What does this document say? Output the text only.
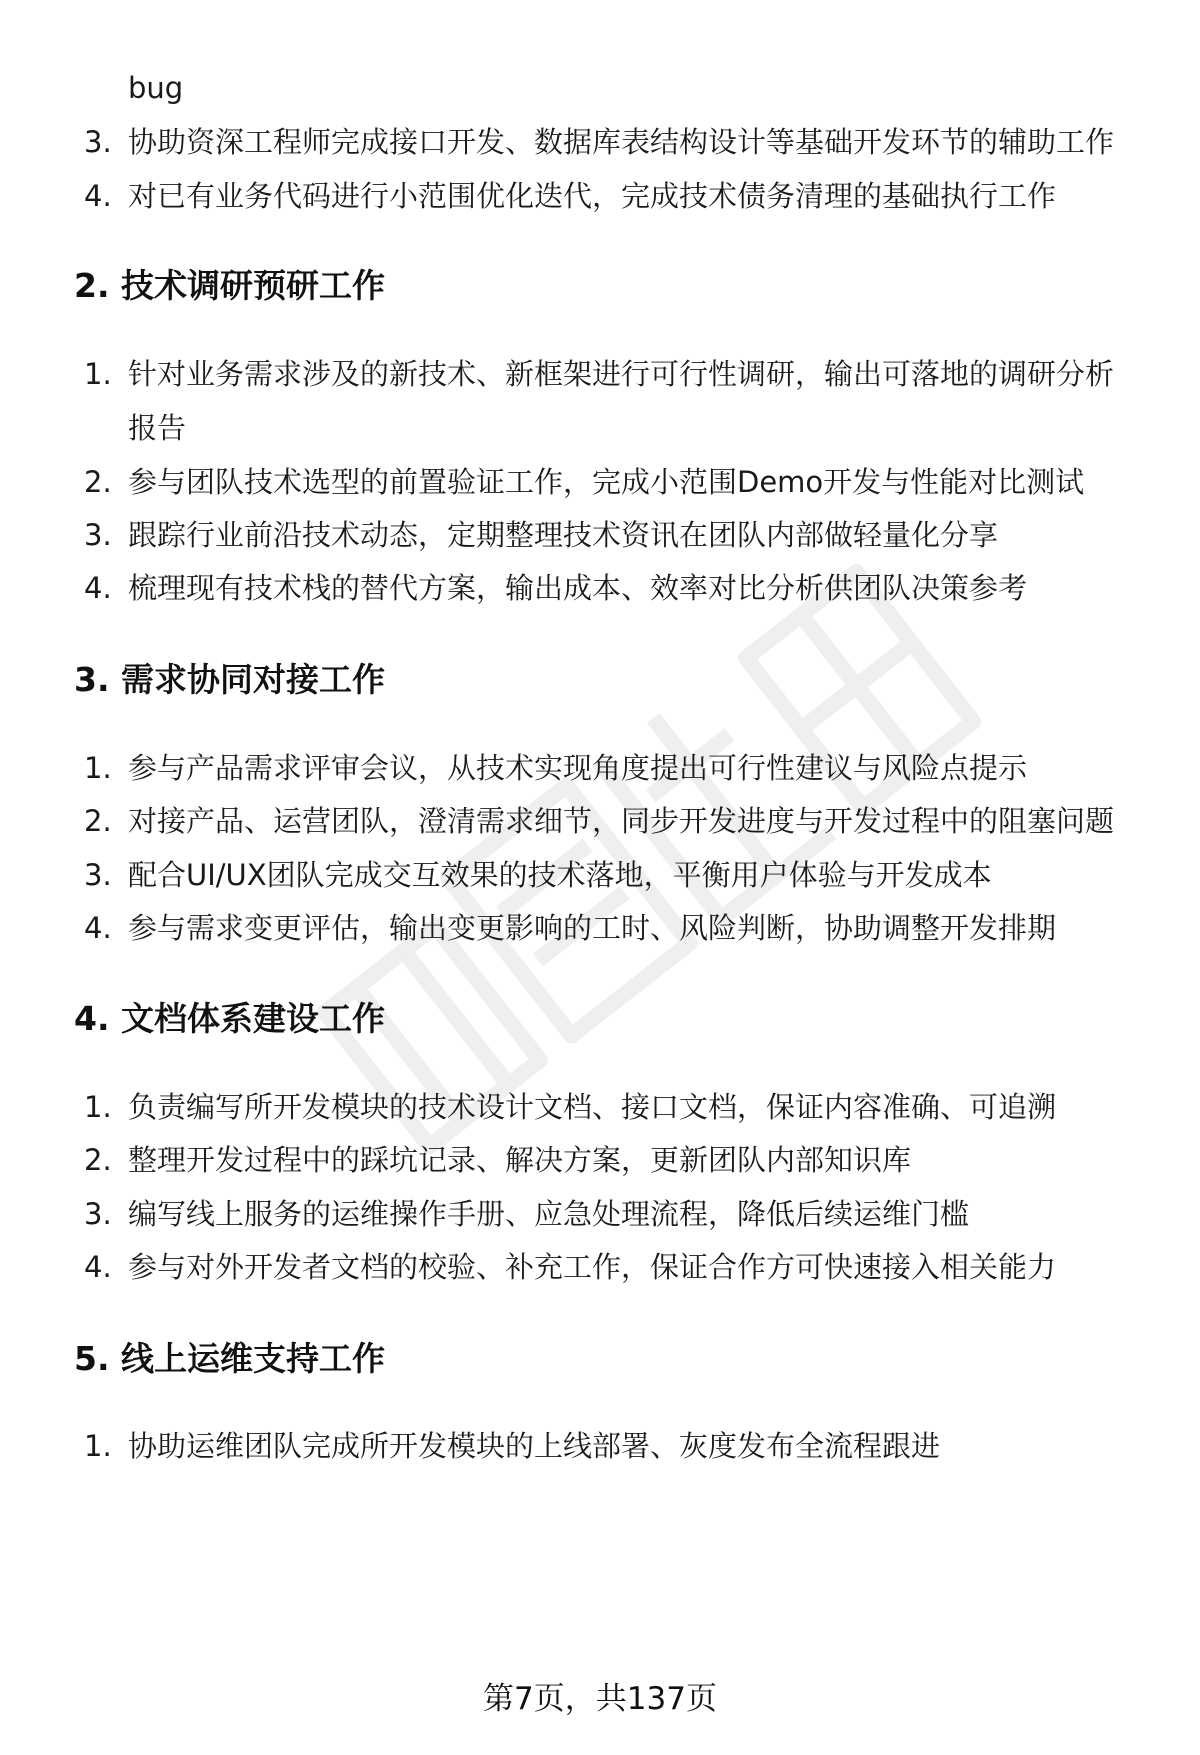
bug
3. 协助资深工程师完成接口开发、数据库表结构设计等基础开发环节的辅助工作
4. 对已有业务代码进行小范围优化迭代，完成技术债务清理的基础执行工作
2. 技术调研预研工作
1. 针对业务需求涉及的新技术、新框架进行可行性调研，输出可落地的调研分析
报告
2. 参与团队技术选型的前置验证工作，完成小范围Demo开发与性能对比测试
3. 跟踪行业前沿技术动态，定期整理技术资讯在团队内部做轻量化分享
4. 梳理现有技术栈的替代方案，输出成本、效率对比分析供团队决策参考
3. 需求协同对接工作
1. 参与产品需求评审会议，从技术实现角度提出可行性建议与风险点提示
2. 对接产品、运营团队，澄清需求细节，同步开发进度与开发过程中的阻塞问题
3. 配合UI/UX团队完成交互效果的技术落地，平衡用户体验与开发成本
4. 参与需求变更评估，输出变更影响的工时、风险判断，协助调整开发排期
4. 文档体系建设工作
1. 负责编写所开发模块的技术设计文档、接口文档，保证内容准确、可追溯
2. 整理开发过程中的踩坑记录、解决方案，更新团队内部知识库
3. 编写线上服务的运维操作手册、应急处理流程，降低后续运维门槛
4. 参与对外开发者文档的校验、补充工作，保证合作方可快速接入相关能力
5. 线上运维支持工作
1. 协助运维团队完成所开发模块的上线部署、灰度发布全流程跟进
第7页，共137页
